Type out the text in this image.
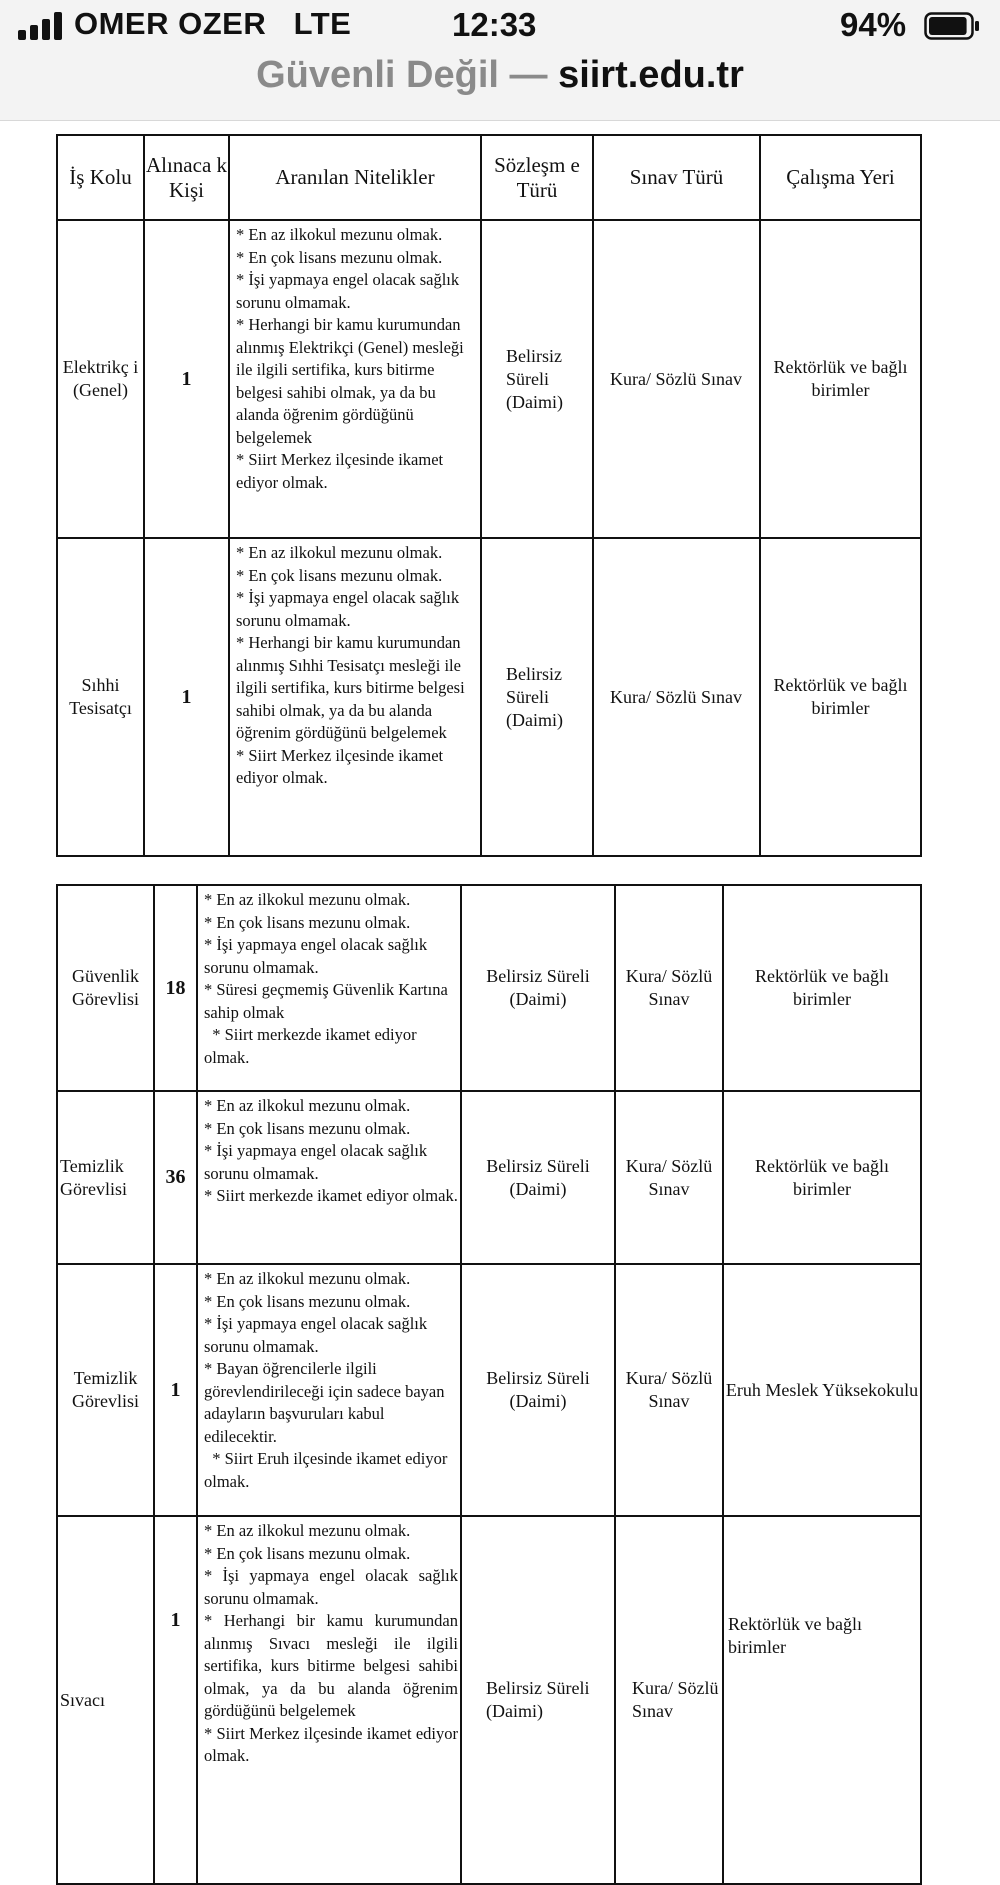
OMER OZER   LTE	12:33	94%
Güvenli Değil — siirt.edu.tr
İş Kolu	Alınaca k Kişi	Aranılan Nitelikler	Sözleşm e Türü	Sınav Türü	Çalışma Yeri
Elektrikç i (Genel)	1	* En az ilkokul mezunu olmak.
* En çok lisans mezunu olmak.
* İşi yapmaya engel olacak sağlık sorunu olmamak.
* Herhangi bir kamu kurumundan alınmış Elektrikçi (Genel) mesleği ile ilgili sertifika, kurs bitirme belgesi sahibi olmak, ya da bu alanda öğrenim gördüğünü belgelemek
* Siirt Merkez ilçesinde ikamet ediyor olmak.	Belirsiz Süreli (Daimi)	Kura/ Sözlü Sınav	Rektörlük ve bağlı birimler
Sıhhi Tesisatçı	1	* En az ilkokul mezunu olmak.
* En çok lisans mezunu olmak.
* İşi yapmaya engel olacak sağlık sorunu olmamak.
* Herhangi bir kamu kurumundan alınmış Sıhhi Tesisatçı mesleği ile ilgili sertifika, kurs bitirme belgesi sahibi olmak, ya da bu alanda öğrenim gördüğünü belgelemek
* Siirt Merkez ilçesinde ikamet ediyor olmak.	Belirsiz Süreli (Daimi)	Kura/ Sözlü Sınav	Rektörlük ve bağlı birimler
Güvenlik Görevlisi	18	* En az ilkokul mezunu olmak.
* En çok lisans mezunu olmak.
* İşi yapmaya engel olacak sağlık sorunu olmamak.
* Süresi geçmemiş Güvenlik Kartına sahip olmak
* Siirt merkezde ikamet ediyor olmak.	Belirsiz Süreli (Daimi)	Kura/ Sözlü Sınav	Rektörlük ve bağlı birimler
Temizlik Görevlisi	36	* En az ilkokul mezunu olmak.
* En çok lisans mezunu olmak.
* İşi yapmaya engel olacak sağlık sorunu olmamak.
* Siirt merkezde ikamet ediyor olmak.	Belirsiz Süreli (Daimi)	Kura/ Sözlü Sınav	Rektörlük ve bağlı birimler
Temizlik Görevlisi	1	* En az ilkokul mezunu olmak.
* En çok lisans mezunu olmak.
* İşi yapmaya engel olacak sağlık sorunu olmamak.
* Bayan öğrencilerle ilgili görevlendirileceği için sadece bayan adayların başvuruları kabul edilecektir.
* Siirt Eruh ilçesinde ikamet ediyor olmak.	Belirsiz Süreli (Daimi)	Kura/ Sözlü Sınav	Eruh Meslek Yüksekokulu
Sıvacı	1	* En az ilkokul mezunu olmak.
* En çok lisans mezunu olmak.
* İşi yapmaya engel olacak sağlık sorunu olmamak.
* Herhangi bir kamu kurumundan alınmış Sıvacı mesleği ile ilgili sertifika, kurs bitirme belgesi sahibi olmak, ya da bu alanda öğrenim gördüğünü belgelemek
* Siirt Merkez ilçesinde ikamet ediyor olmak.	Belirsiz Süreli (Daimi)	Kura/ Sözlü Sınav	Rektörlük ve bağlı birimler
